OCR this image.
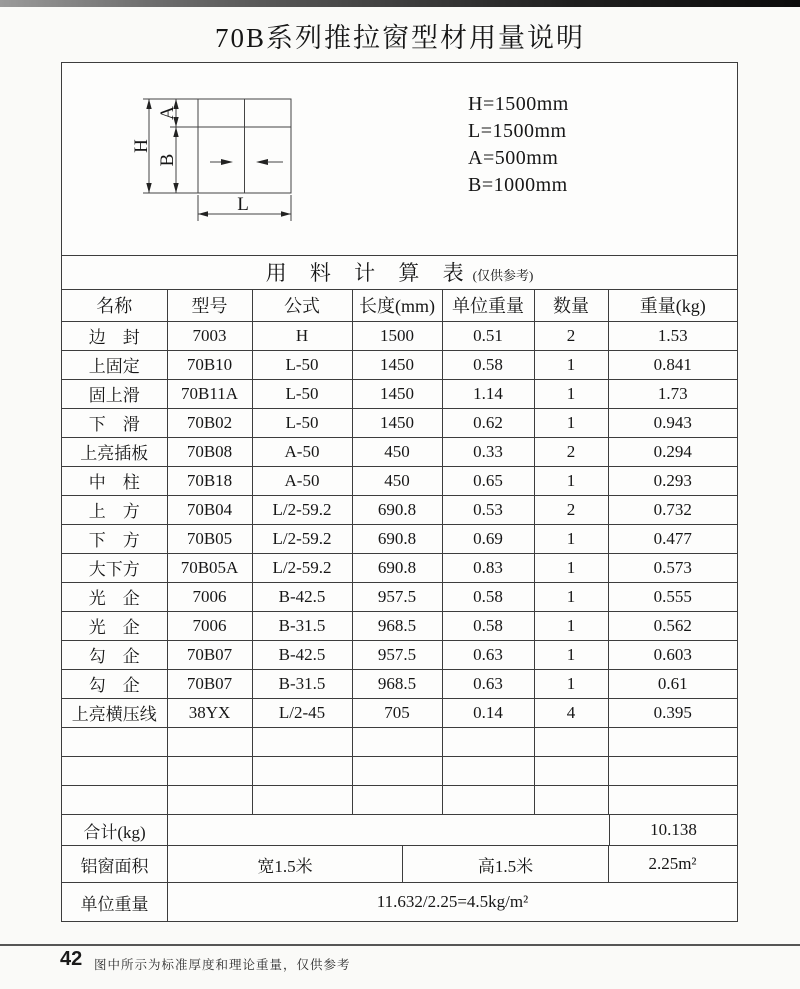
70B系列推拉窗型材用量说明
H
A
B
L
H=1500mm
L=1500mm
A=500mm
B=1000mm
用 料 计 算 表(仅供参考)						
名称	型号	公式	长度(mm)	单位重量	数量	重量(kg)
边　封	7003	H	1500	0.51	2	1.53
上固定	70B10	L-50	1450	0.58	1	0.841
固上滑	70B11A	L-50	1450	1.14	1	1.73
下　滑	70B02	L-50	1450	0.62	1	0.943
上亮插板	70B08	A-50	450	0.33	2	0.294
中　柱	70B18	A-50	450	0.65	1	0.293
上　方	70B04	L/2-59.2	690.8	0.53	2	0.732
下　方	70B05	L/2-59.2	690.8	0.69	1	0.477
大下方	70B05A	L/2-59.2	690.8	0.83	1	0.573
光　企	7006	B-42.5	957.5	0.58	1	0.555
光　企	7006	B-31.5	968.5	0.58	1	0.562
勾　企	70B07	B-42.5	957.5	0.63	1	0.603
勾　企	70B07	B-31.5	968.5	0.63	1	0.61
上亮横压线	38YX	L/2-45	705	0.14	4	0.395

合计(kg)	10.138
铝窗面积	宽1.5米	高1.5米	2.25m²
单位重量	11.632/2.25=4.5kg/m²
42 图中所示为标准厚度和理论重量，仅供参考
